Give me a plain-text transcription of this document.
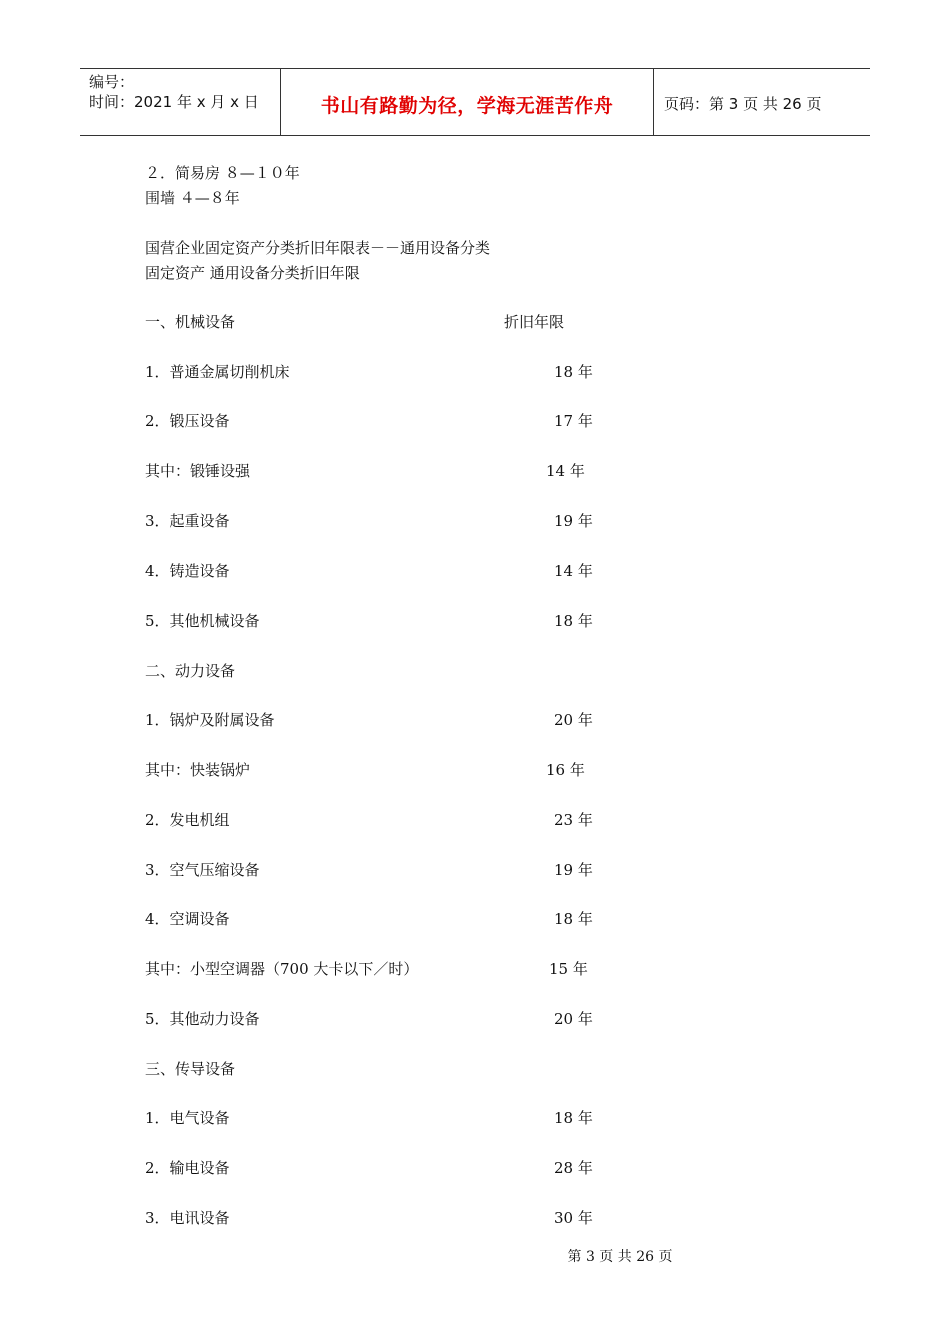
编号：
时间：2021 年 x 月 x 日	书山有路勤为径，学海无涯苦作舟	页码：第 3 页 共 26 页
２．简易房 ８—１０年
围墙 ４—８年
国营企业固定资产分类折旧年限表－－通用设备分类
固定资产 通用设备分类折旧年限
一、机械设备	折旧年限
1．普通金属切削机床	18 年
2．锻压设备	17 年
其中：锻锤设强	14 年
3．起重设备	19 年
4．铸造设备	14 年
5．其他机械设备	18 年
二、动力设备
1．锅炉及附属设备	20 年
其中：快装锅炉	16 年
2．发电机组	23 年
3．空气压缩设备	19 年
4．空调设备	18 年
其中：小型空调器（700 大卡以下／时）	15 年
5．其他动力设备	20 年
三、传导设备
1．电气设备	18 年
2．输电设备	28 年
3．电讯设备	30 年
第 3 页 共 26 页
